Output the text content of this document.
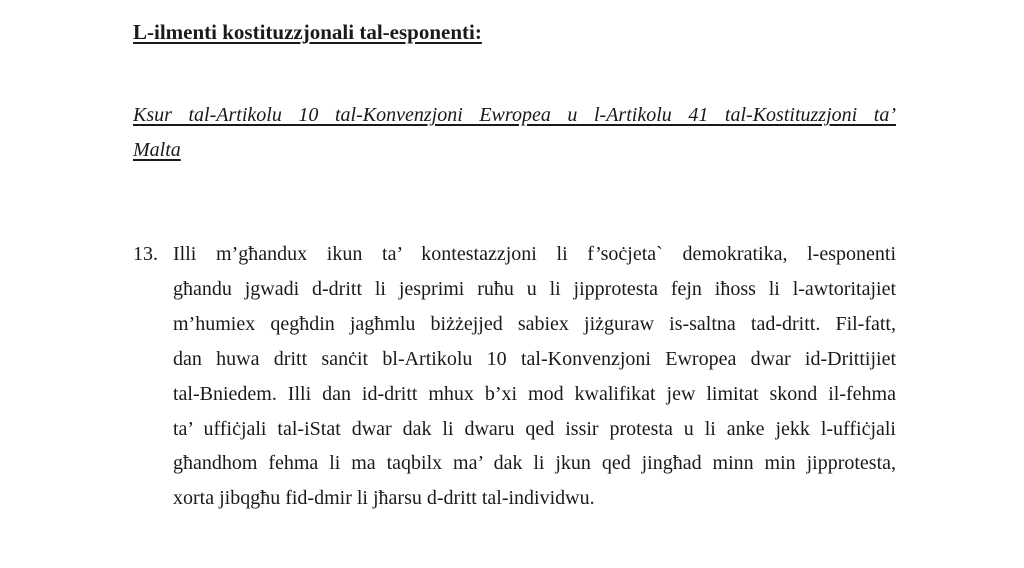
L-ilmenti kostituzzjonali tal-esponenti:

Ksur tal-Artikolu 10 tal-Konvenzjoni Ewropea u l-Artikolu 41 tal-Kostituzzjoni ta’
Malta

13. Illi m’għandux ikun ta’ kontestazzjoni li f’soċjeta` demokratika, l-esponenti
għandu jgwadi d-dritt li jesprimi ruħu u li jipprotesta fejn iħoss li l-awtoritajiet
m’humiex qegħdin jagħmlu biżżejjed sabiex jiżguraw is-saltna tad-dritt. Fil-fatt,
dan huwa dritt sanċit bl-Artikolu 10 tal-Konvenzjoni Ewropea dwar id-Drittijiet
tal-Bniedem. Illi dan id-dritt mhux b’xi mod kwalifikat jew limitat skond il-fehma
ta’ uffiċjali tal-iStat dwar dak li dwaru qed issir protesta u li anke jekk l-uffiċjali
għandhom fehma li ma taqbilx ma’ dak li jkun qed jingħad minn min jipprotesta,
xorta jibqgħu fid-dmir li jħarsu d-dritt tal-individwu.
